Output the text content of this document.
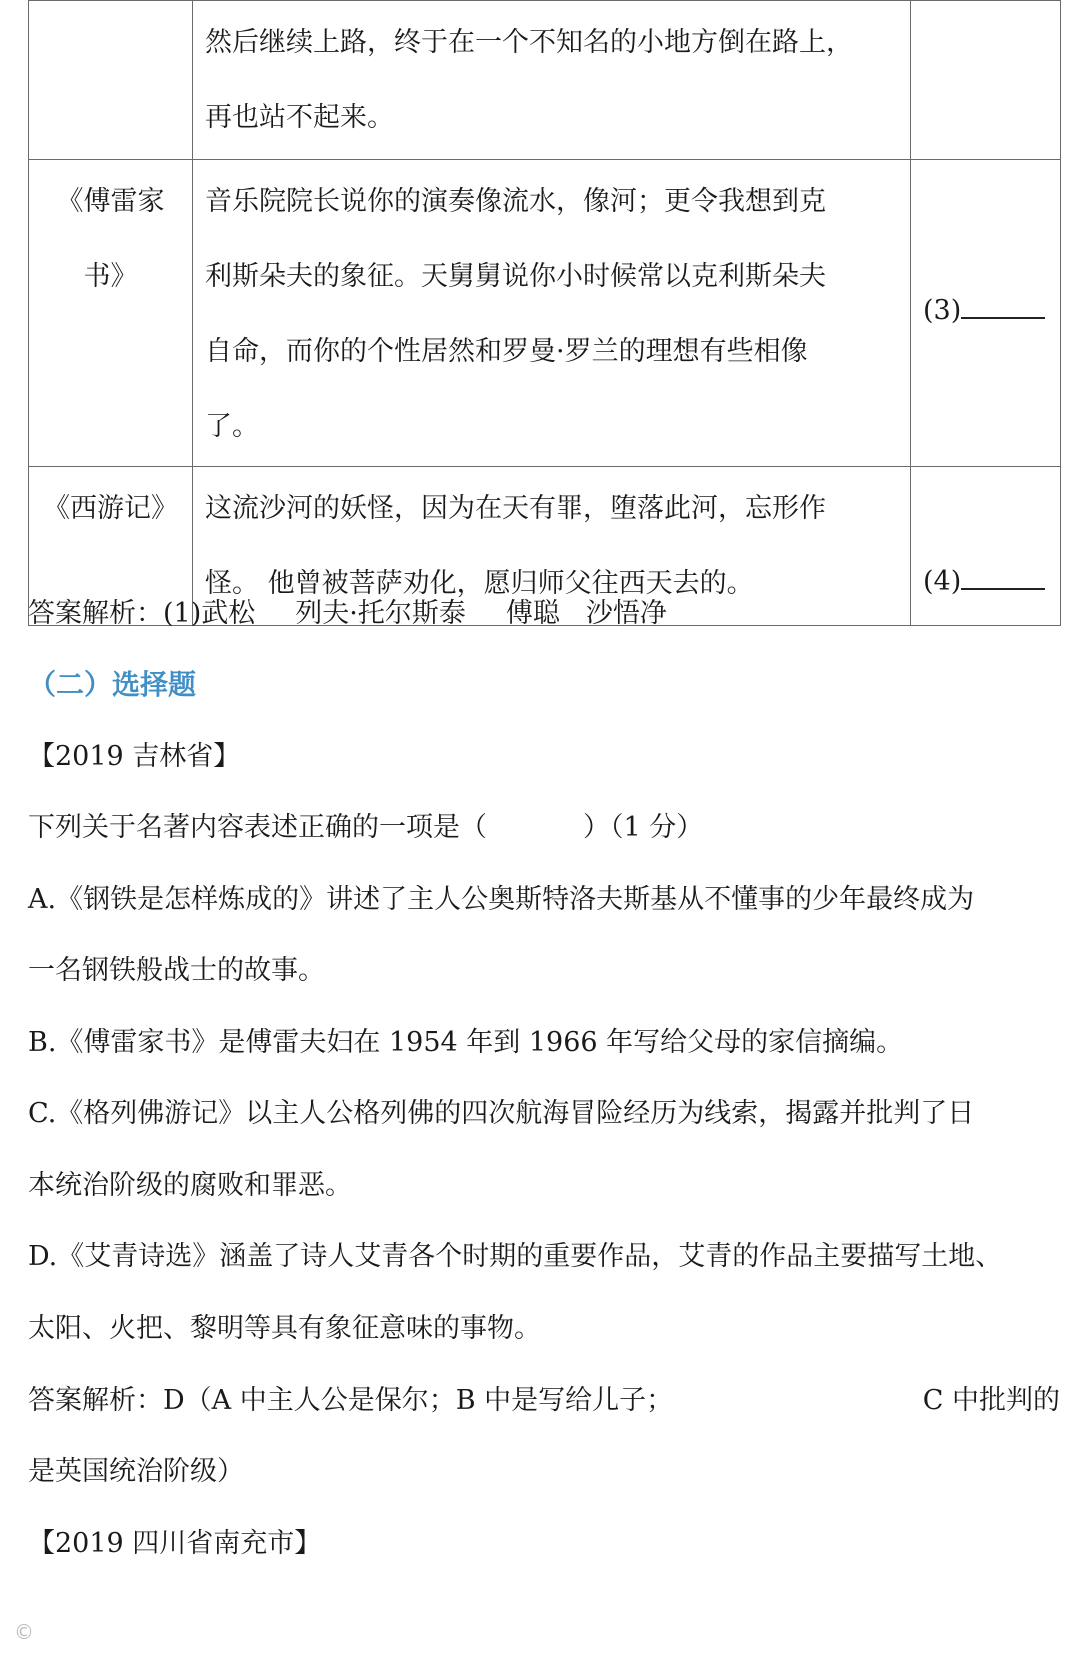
	然后继续上路，终于在一个不知名的小地方倒在路上，
再也站不起来。	

《傅雷家
书》	音乐院院长说你的演奏像流水，像河；更令我想到克
利斯朵夫的象征。天舅舅说你小时候常以克利斯朵夫
自命，而你的个性居然和罗曼·罗兰的理想有些相像
了。	(3)

《西游记》	这流沙河的妖怪，因为在天有罪，堕落此河，忘形作
怪。 他曾被菩萨劝化，愿归师父往西天去的。	(4)
答案解析：(1)武松 列夫·托尔斯泰 傅聪 沙悟净
（二）选择题
【2019 吉林省】
下列关于名著内容表述正确的一项是（	）（1 分）
A.《钢铁是怎样炼成的》讲述了主人公奥斯特洛夫斯基从不懂事的少年最终成为
一名钢铁般战士的故事。
B.《傅雷家书》是傅雷夫妇在 1954 年到 1966 年写给父母的家信摘编。
C.《格列佛游记》以主人公格列佛的四次航海冒险经历为线索，揭露并批判了日
本统治阶级的腐败和罪恶。
D.《艾青诗选》涵盖了诗人艾青各个时期的重要作品，艾青的作品主要描写土地、
太阳、火把、黎明等具有象征意味的事物。
答案解析：D（A 中主人公是保尔；B 中是写给儿子；	C 中批判的
是英国统治阶级）
【2019 四川省南充市】
©
